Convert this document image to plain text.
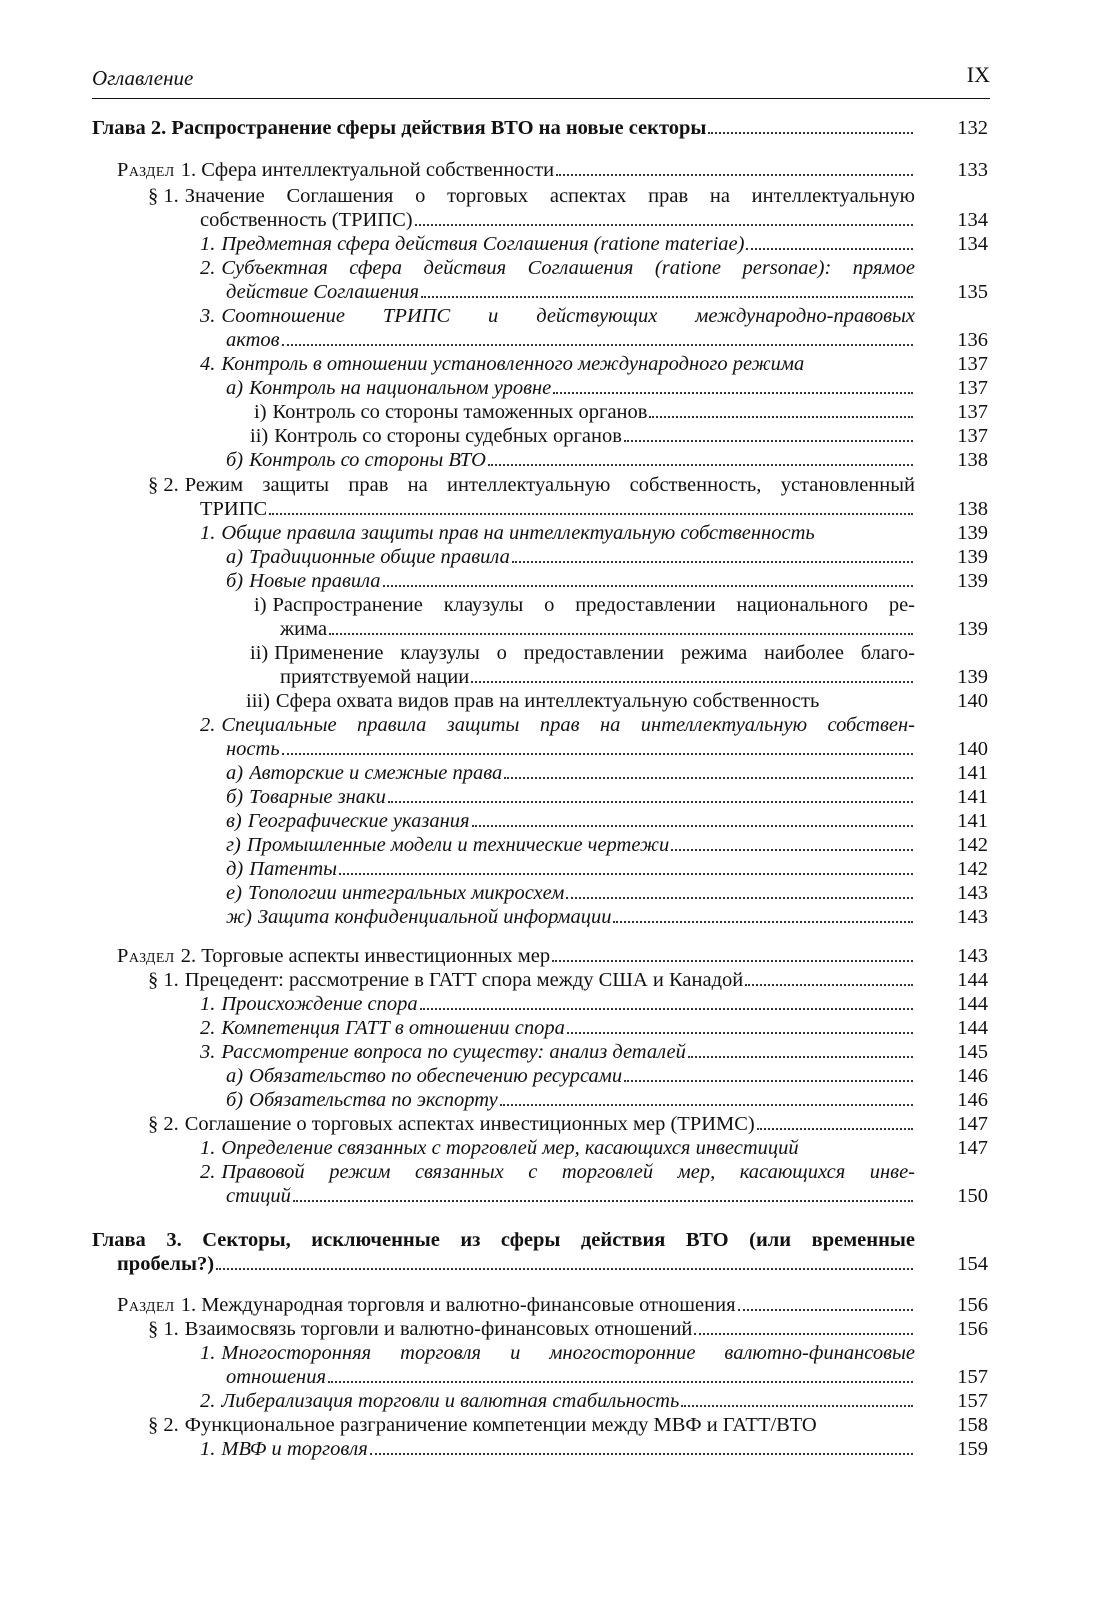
Оглавление	IX
Глава 2. Распространение сферы действия ВТО на новые секторы	132
Раздел 1. Сфера интеллектуальной собственности	133
§ 1. Значение Соглашения о торговых аспектах прав на интеллектуальную
собственность (ТРИПС)	134
1. Предметная сфера действия Соглашения (ratione materiae)	134
2. Субъектная сфера действия Соглашения (ratione personae): прямое
действие Соглашения	135
3. Соотношение ТРИПС и действующих международно-правовых
актов	136
4. Контроль в отношении установленного международного режима	137
а) Контроль на национальном уровне	137
i) Контроль со стороны таможенных органов	137
ii) Контроль со стороны судебных органов	137
б) Контроль со стороны ВТО	138
§ 2. Режим защиты прав на интеллектуальную собственность, установленный
ТРИПС	138
1. Общие правила защиты прав на интеллектуальную собственность	139
а) Традиционные общие правила	139
б) Новые правила	139
i) Распространение клаузулы о предоставлении национального ре-
жима	139
ii) Применение клаузулы о предоставлении режима наиболее благо-
приятствуемой нации	139
iii) Сфера охвата видов прав на интеллектуальную собственность	140
2. Специальные правила защиты прав на интеллектуальную собствен-
ность	140
а) Авторские и смежные права	141
б) Товарные знаки	141
в) Географические указания	141
г) Промышленные модели и технические чертежи	142
д) Патенты	142
е) Топологии интегральных микросхем	143
ж) Защита конфиденциальной информации	143
Раздел 2. Торговые аспекты инвестиционных мер	143
§ 1. Прецедент: рассмотрение в ГАТТ спора между США и Канадой	144
1. Происхождение спора	144
2. Компетенция ГАТТ в отношении спора	144
3. Рассмотрение вопроса по существу: анализ деталей	145
а) Обязательство по обеспечению ресурсами	146
б) Обязательства по экспорту	146
§ 2. Соглашение о торговых аспектах инвестиционных мер (ТРИМС)	147
1. Определение связанных с торговлей мер, касающихся инвестиций	147
2. Правовой режим связанных с торговлей мер, касающихся инве-
стиций	150
Глава 3. Секторы, исключенные из сферы действия ВТО (или временные
пробелы?)	154
Раздел 1. Международная торговля и валютно-финансовые отношения	156
§ 1. Взаимосвязь торговли и валютно-финансовых отношений	156
1. Многосторонняя торговля и многосторонние валютно-финансовые
отношения	157
2. Либерализация торговли и валютная стабильность	157
§ 2. Функциональное разграничение компетенции между МВФ и ГАТТ/ВТО	158
1. МВФ и торговля	159
